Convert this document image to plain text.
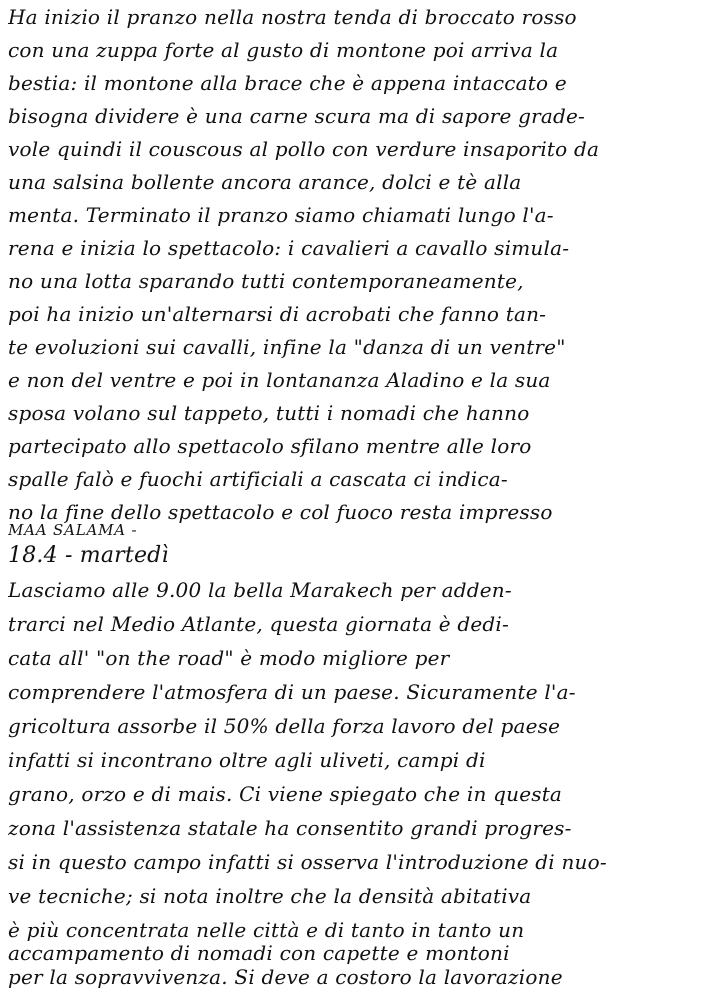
Ha inizio il pranzo nella nostra tenda di broccato rosso
con una zuppa forte al gusto di montone poi arriva la
bestia: il montone alla brace che è appena intaccato e
bisogna dividere è una carne scura ma di sapore grade-
vole quindi il couscous al pollo con verdure insaporito da
una salsina bollente ancora arance, dolci e tè alla
menta. Terminato il pranzo siamo chiamati lungo l'a-
rena e inizia lo spettacolo: i cavalieri a cavallo simula-
no una lotta sparando tutti contemporaneamente,
poi ha inizio un'alternarsi di acrobati che fanno tan-
te evoluzioni sui cavalli, infine la "danza di un ventre"
e non del ventre e poi in lontananza Aladino e la sua
sposa volano sul tappeto, tutti i nomadi che hanno
partecipato allo spettacolo sfilano mentre alle loro
spalle falò e fuochi artificiali a cascata ci indica-
no la fine dello spettacolo e col fuoco resta impresso
MAA SALAMA -
18.4 - martedì
Lasciamo alle 9.00 la bella Marakech per adden-
trarci nel Medio Atlante, questa giornata è dedi-
cata all' "on the road" è modo migliore per
comprendere l'atmosfera di un paese. Sicuramente l'a-
gricoltura assorbe il 50% della forza lavoro del paese
infatti si incontrano oltre agli uliveti, campi di
grano, orzo e di mais. Ci viene spiegato che in questa
zona l'assistenza statale ha consentito grandi progres-
si in questo campo infatti si osserva l'introduzione di nuo-
ve tecniche; si nota inoltre che la densità abitativa
è più concentrata nelle città e di tanto in tanto un
accampamento di nomadi con capette e montoni
per la sopravvivenza. Si deve a costoro la lavorazione
